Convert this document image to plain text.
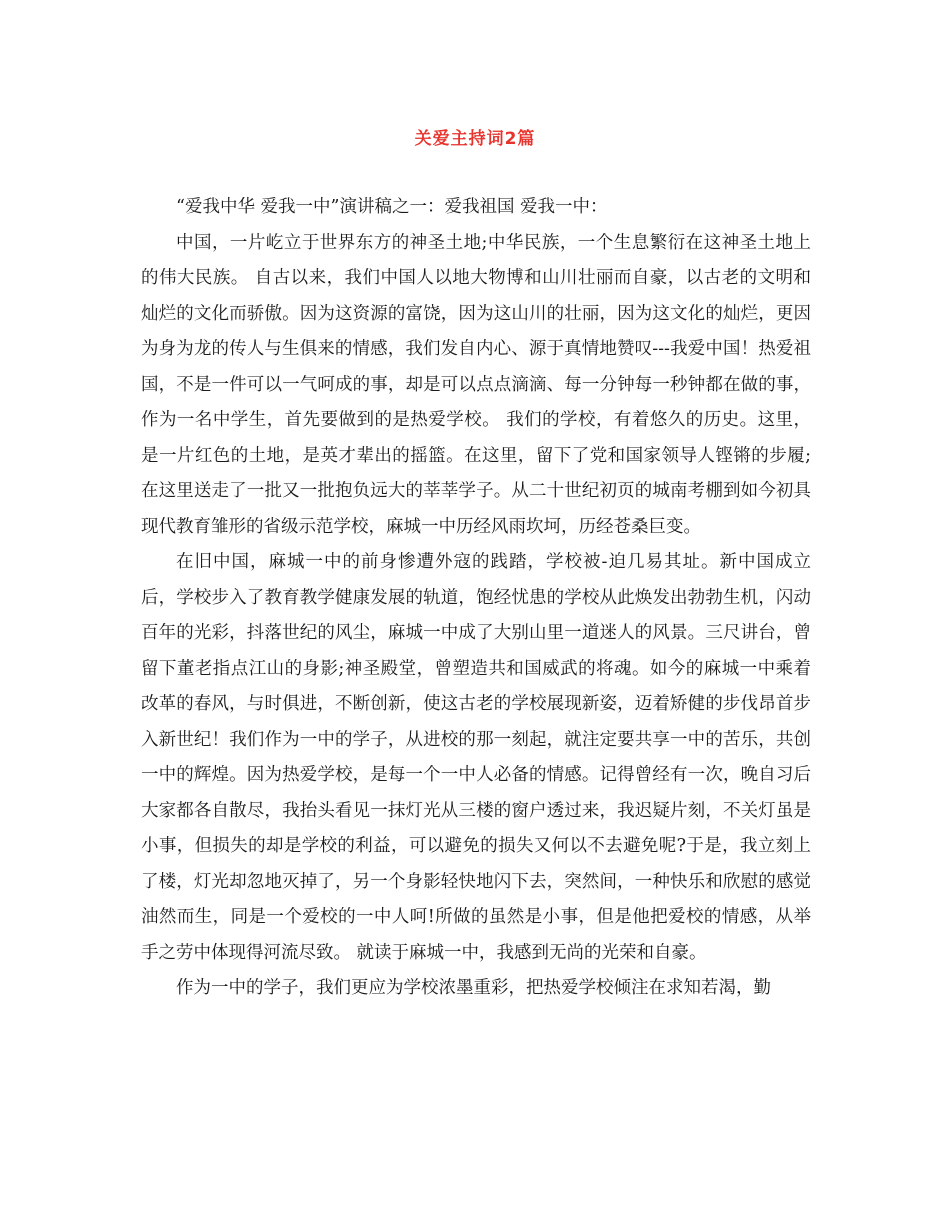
关爱主持词2篇

“爱我中华 爱我一中”演讲稿之一：爱我祖国 爱我一中：

中国，一片屹立于世界东方的神圣土地;中华民族，一个生息繁衍在这神圣土地上的伟大民族。 自古以来，我们中国人以地大物博和山川壮丽而自豪，以古老的文明和灿烂的文化而骄傲。因为这资源的富饶，因为这山川的壮丽，因为这文化的灿烂，更因为身为龙的传人与生俱来的情感，我们发自内心、源于真情地赞叹---我爱中国！热爱祖国，不是一件可以一气呵成的事，却是可以点点滴滴、每一分钟每一秒钟都在做的事，作为一名中学生，首先要做到的是热爱学校。 我们的学校，有着悠久的历史。这里，是一片红色的土地，是英才辈出的摇篮。在这里，留下了党和国家领导人铿锵的步履;在这里送走了一批又一批抱负远大的莘莘学子。从二十世纪初页的城南考棚到如今初具现代教育雏形的省级示范学校，麻城一中历经风雨坎坷，历经苍桑巨变。

在旧中国，麻城一中的前身惨遭外寇的践踏，学校被-迫几易其址。新中国成立后，学校步入了教育教学健康发展的轨道，饱经忧患的学校从此焕发出勃勃生机，闪动百年的光彩，抖落世纪的风尘，麻城一中成了大别山里一道迷人的风景。三尺讲台，曾留下董老指点江山的身影;神圣殿堂，曾塑造共和国威武的将魂。如今的麻城一中乘着改革的春风，与时俱进，不断创新，使这古老的学校展现新姿，迈着矫健的步伐昂首步入新世纪！我们作为一中的学子，从进校的那一刻起，就注定要共享一中的苦乐，共创一中的辉煌。因为热爱学校，是每一个一中人必备的情感。记得曾经有一次，晚自习后大家都各自散尽，我抬头看见一抹灯光从三楼的窗户透过来，我迟疑片刻，不关灯虽是小事，但损失的却是学校的利益，可以避免的损失又何以不去避免呢?于是，我立刻上了楼，灯光却忽地灭掉了，另一个身影轻快地闪下去，突然间，一种快乐和欣慰的感觉油然而生，同是一个爱校的一中人呵!所做的虽然是小事，但是他把爱校的情感，从举手之劳中体现得河流尽致。 就读于麻城一中，我感到无尚的光荣和自豪。

作为一中的学子，我们更应为学校浓墨重彩，把热爱学校倾注在求知若渴，勤
